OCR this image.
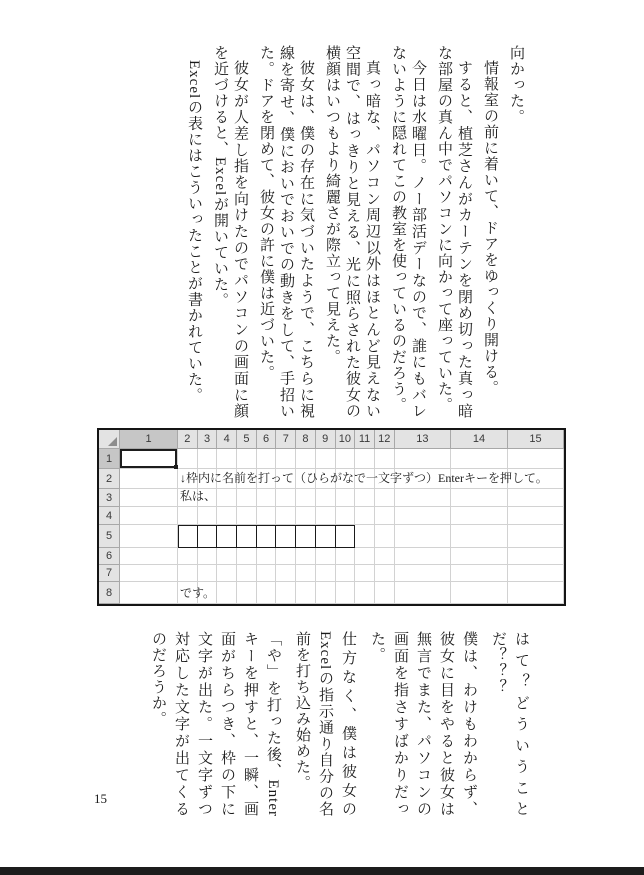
向かった。

情報室の前に着いて、ドアをゆっくり開ける。

すると、植芝さんがカーテンを閉め切った真っ暗な部屋の真ん中でパソコンに向かって座っていた。

今日は水曜日。ノー部活デーなので、誰にもバレないように隠れてこの教室を使っているのだろう。

真っ暗な、パソコン周辺以外はほとんど見えない空間で、はっきりと見える、光に照らされた彼女の横顔はいつもより綺麗さが際立って見えた。

彼女は、僕の存在に気づいたようで、こちらに視線を寄せ、僕においでおいでの動きをして、手招いた。ドアを閉めて、彼女の許に僕は近づいた。

彼女が人差し指を向けたのでパソコンの画面に顔を近づけると、Excelが開いていた。

Excelの表にはこういったことが書かれていた。

1	2	3	4	5	6	7	8	9 10 11 12	13	14	15
1
2	↓枠内に名前を打って（ひらがなで一文字ずつ）Enterキーを押して。
3	私は、
4
5
6
7
8	です。

はて？どういうことだ？？？

僕は、わけもわからず、彼女に目をやると彼女は無言でまた、パソコンの画面を指さすばかりだった。

仕方なく、僕は彼女のExcelの指示通り自分の名前を打ち込み始めた。

「や」を打った後、Enterキーを押すと、一瞬、画面がちらつき、枠の下に文字が出た。一文字ずつ対応した文字が出てくるのだろうか。

15
